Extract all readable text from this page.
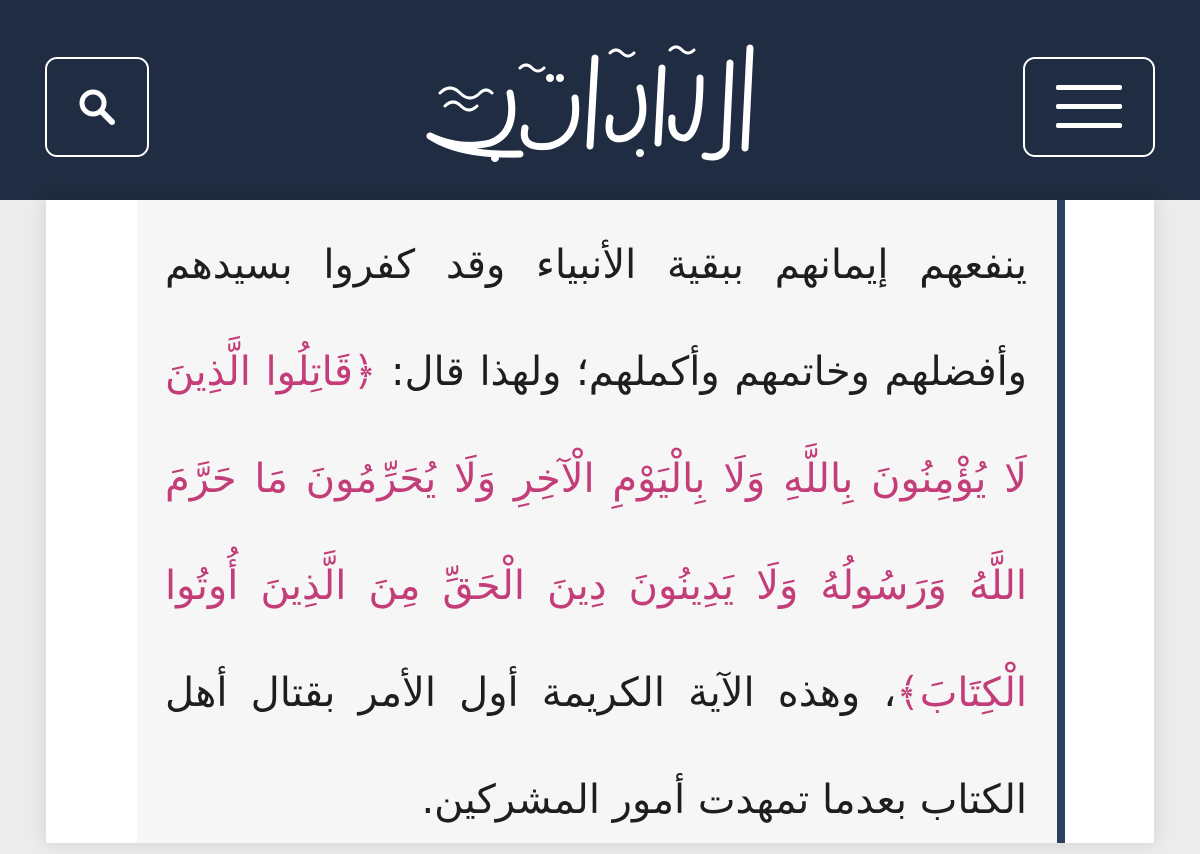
ينفعهم إيمانهم ببقية الأنبياء وقد كفروا بسيدهم وأفضلهم وخاتمهم وأكملهم؛ ولهذا قال: ﴿قَاتِلُوا الَّذِينَ لَا يُؤْمِنُونَ بِاللَّهِ وَلَا بِالْيَوْمِ الْآخِرِ وَلَا يُحَرِّمُونَ مَا حَرَّمَ اللَّهُ وَرَسُولُهُ وَلَا يَدِينُونَ دِينَ الْحَقِّ مِنَ الَّذِينَ أُوتُوا الْكِتَابَ﴾، وهذه الآية الكريمة أول الأمر بقتال أهل الكتاب بعدما تمهدت أمور المشركين.
